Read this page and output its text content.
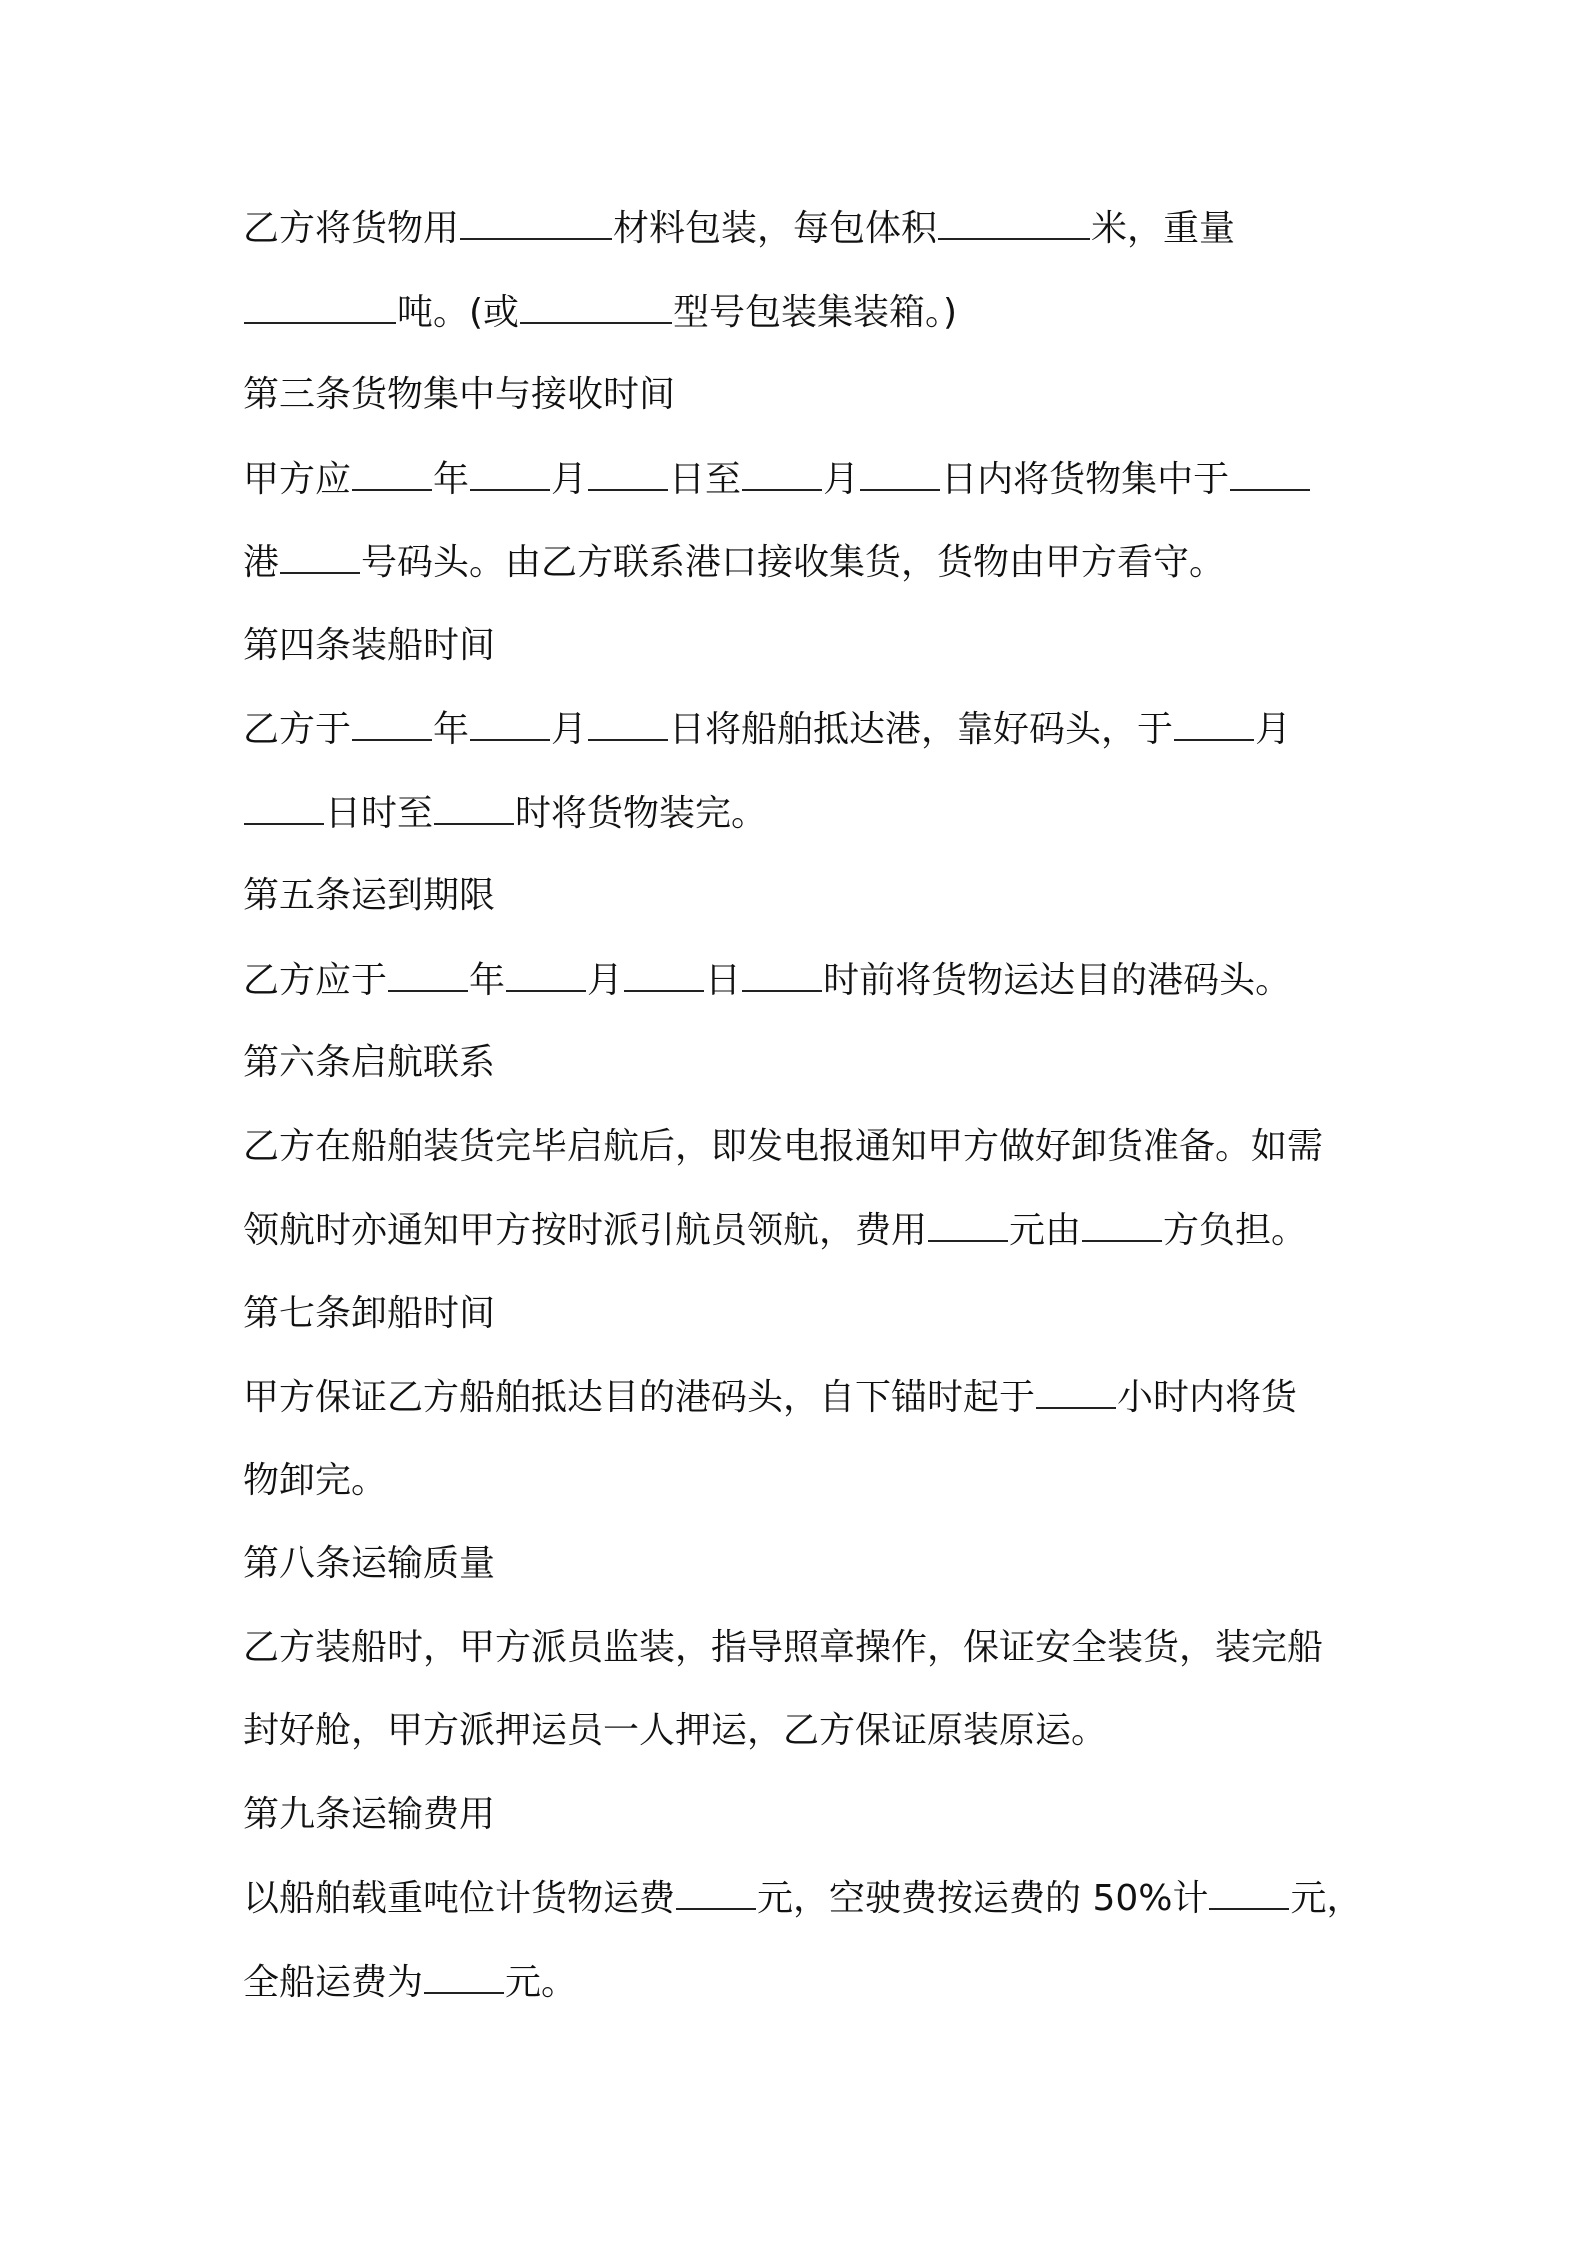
乙方将货物用	材料包装，每包体积	米，重量
吨。(或	型号包装集装箱。)
第三条货物集中与接收时间
甲方应 年 月 日至 月 日内将货物集中于
港 号码头。由乙方联系港口接收集货，货物由甲方看守。
第四条装船时间
乙方于 年 月 日将船舶抵达港，靠好码头，于 月
日时至 时将货物装完。
第五条运到期限
乙方应于 年 月 日 时前将货物运达目的港码头。
第六条启航联系
乙方在船舶装货完毕启航后，即发电报通知甲方做好卸货准备。如需
领航时亦通知甲方按时派引航员领航，费用 元由 方负担。
第七条卸船时间
甲方保证乙方船舶抵达目的港码头，自下锚时起于 小时内将货
物卸完。
第八条运输质量
乙方装船时，甲方派员监装，指导照章操作，保证安全装货，装完船
封好舱，甲方派押运员一人押运，乙方保证原装原运。
第九条运输费用
以船舶载重吨位计货物运费 元，空驶费按运费的 50%计 元，
全船运费为 元。
